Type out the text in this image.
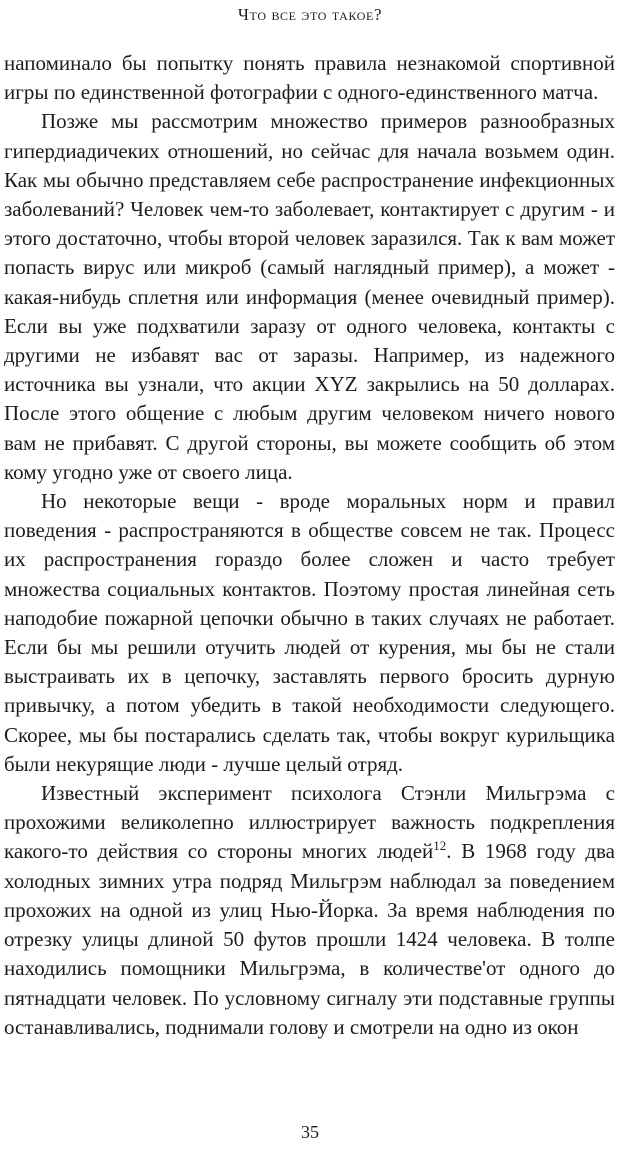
Что все это такое?

напоминало бы попытку понять правила незнакомой спортивной игры по единственной фотографии с одного-единственного матча.

Позже мы рассмотрим множество примеров разнообразных гипердиадичеких отношений, но сейчас для начала возьмем один. Как мы обычно представляем себе распространение инфекционных заболеваний? Человек чем-то заболевает, контактирует с другим - и этого достаточно, чтобы второй человек заразился. Так к вам может попасть вирус или микроб (самый наглядный пример), а может - какая-нибудь сплетня или информация (менее очевидный пример). Если вы уже подхватили заразу от одного человека, контакты с другими не избавят вас от заразы. Например, из надежного источника вы узнали, что акции XYZ закрылись на 50 долларах. После этого общение с любым другим человеком ничего нового вам не прибавят. С другой стороны, вы можете сообщить об этом кому угодно уже от своего лица.

Но некоторые вещи - вроде моральных норм и правил поведения - распространяются в обществе совсем не так. Процесс их распространения гораздо более сложен и часто требует множества социальных контактов. Поэтому простая линейная сеть наподобие пожарной цепочки обычно в таких случаях не работает. Если бы мы решили отучить людей от курения, мы бы не стали выстраивать их в цепочку, заставлять первого бросить дурную привычку, а потом убедить в такой необходимости следующего. Скорее, мы бы постарались сделать так, чтобы вокруг курильщика были некурящие люди - лучше целый отряд.

Известный эксперимент психолога Стэнли Мильгрэма с прохожими великолепно иллюстрирует важность подкрепления какого-то действия со стороны многих людей$^{12}$. В 1968 году два холодных зимних утра подряд Мильгрэм наблюдал за поведением прохожих на одной из улиц Нью-Йорка. За время наблюдения по отрезку улицы длиной 50 футов прошли 1424 человека. В толпе находились помощники Мильгрэма, в количестве'от одного до пятнадцати человек. По условному сигналу эти подставные группы останавливались, поднимали голову и смотрели на одно из окон

35
